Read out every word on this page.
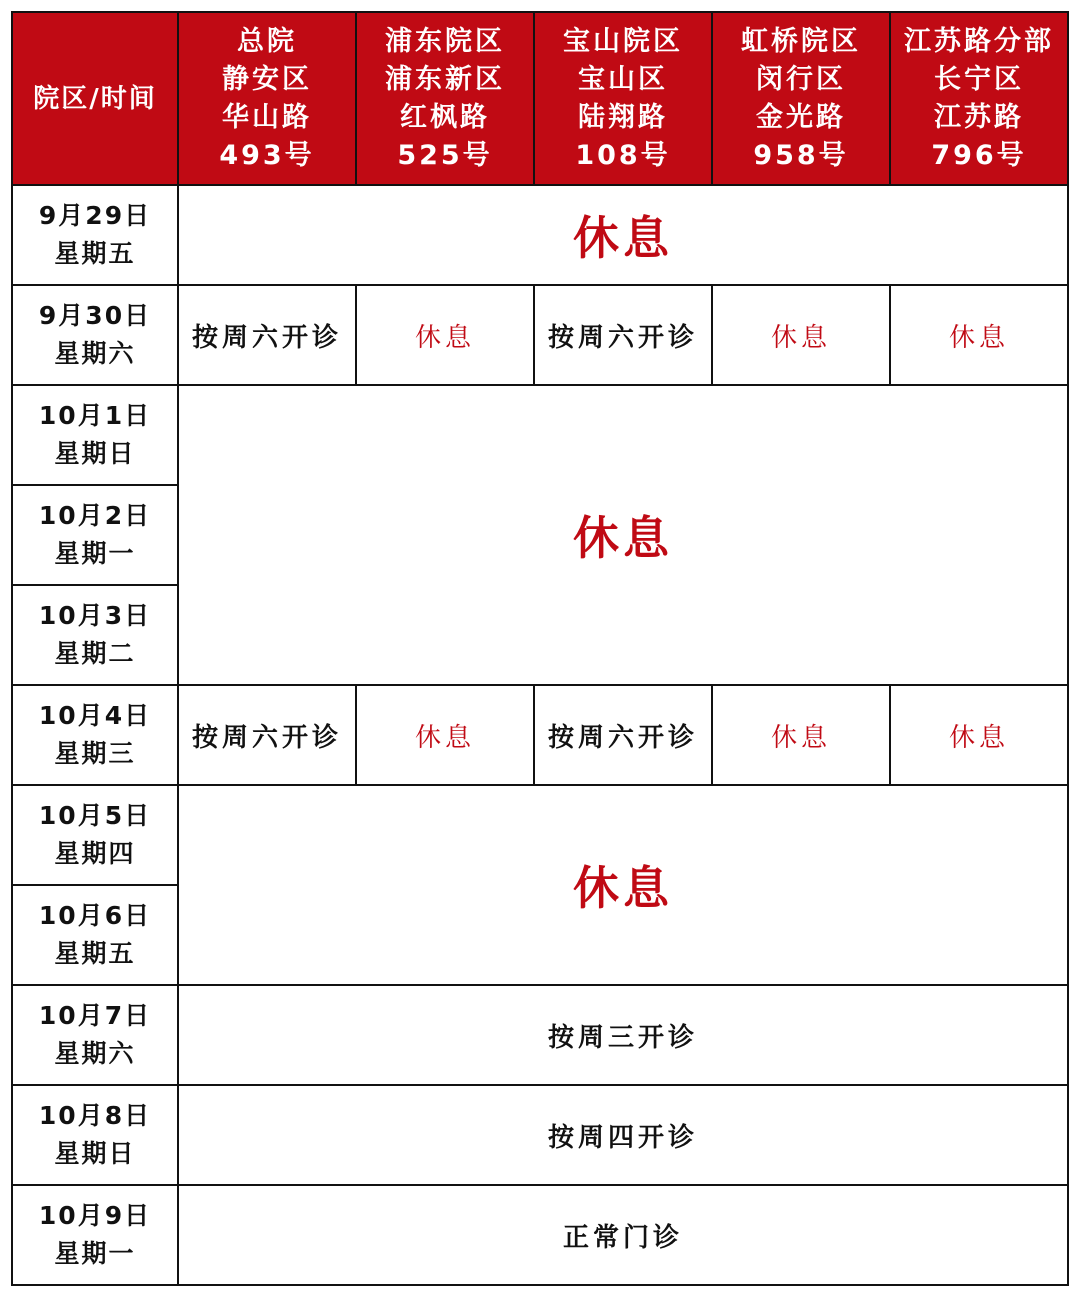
院区/时间	总院
静安区
华山路
493号	浦东院区
浦东新区
红枫路
525号	宝山院区
宝山区
陆翔路
108号	虹桥院区
闵行区
金光路
958号	江苏路分部
长宁区
江苏路
796号

9月29日
星期五	休息				

9月30日
星期六	按周六开诊	休息	按周六开诊	休息	休息

10月1日
星期日	休息				

10月2日
星期一					

10月3日
星期二					

10月4日
星期三	按周六开诊	休息	按周六开诊	休息	休息

10月5日
星期四	休息				

10月6日
星期五					

10月7日
星期六	按周三开诊				

10月8日
星期日	按周四开诊				

10月9日
星期一	正常门诊				
